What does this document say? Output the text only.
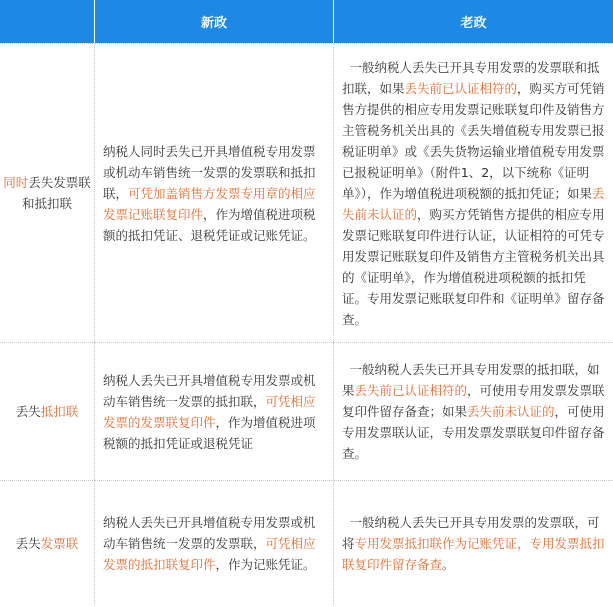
	新政	老政

同时丢失发票联和抵扣联	纳税人同时丢失已开具增值税专用发票或机动车销售统一发票的发票联和抵扣联，可凭加盖销售方发票专用章的相应发票记账联复印件，作为增值税进项税额的抵扣凭证、退税凭证或记账凭证。	一般纳税人丢失已开具专用发票的发票联和抵扣联，如果丢失前已认证相符的，购买方可凭销售方提供的相应专用发票记账联复印件及销售方主管税务机关出具的《丢失增值税专用发票已报税证明单》或《丢失货物运输业增值税专用发票已报税证明单》（附件1、2，以下统称《证明单》），作为增值税进项税额的抵扣凭证；如果丢失前未认证的，购买方凭销售方提供的相应专用发票记账联复印件进行认证，认证相符的可凭专用发票记账联复印件及销售方主管税务机关出具的《证明单》，作为增值税进项税额的抵扣凭证。专用发票记账联复印件和《证明单》留存备查。

丢失抵扣联	纳税人丢失已开具增值税专用发票或机动车销售统一发票的抵扣联，可凭相应发票的发票联复印件，作为增值税进项税额的抵扣凭证或退税凭证	一般纳税人丢失已开具专用发票的抵扣联，如果丢失前已认证相符的，可使用专用发票发票联复印件留存备查；如果丢失前未认证的，可使用专用发票联认证，专用发票发票联复印件留存备查。

丢失发票联	纳税人丢失已开具增值税专用发票或机动车销售统一发票的发票联，可凭相应发票的抵扣联复印件，作为记账凭证。	一般纳税人丢失已开具专用发票的发票联，可将专用发票抵扣联作为记账凭证，专用发票抵扣联复印件留存备查。
